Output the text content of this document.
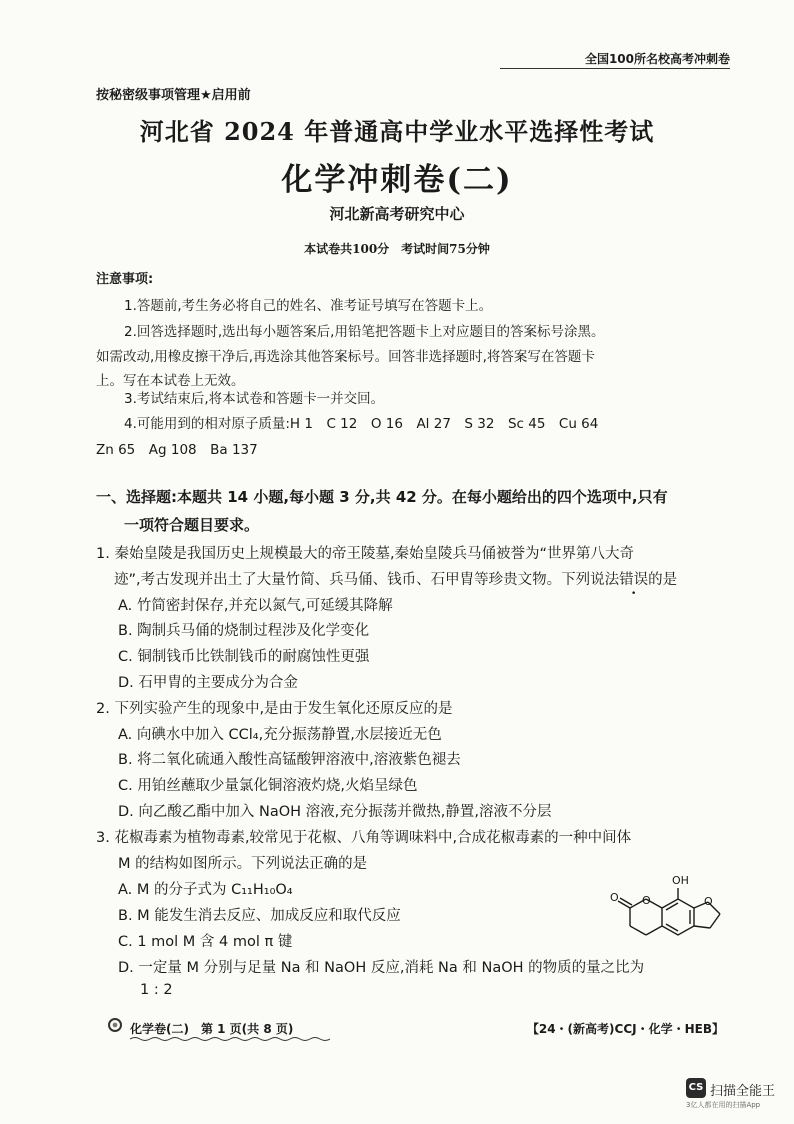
全国100所名校高考冲刺卷
按秘密级事项管理★启用前
河北省 2024 年普通高中学业水平选择性考试
化学冲刺卷(二)
河北新高考研究中心
本试卷共100分　考试时间75分钟
注意事项:
1.答题前,考生务必将自己的姓名、准考证号填写在答题卡上。
2.回答选择题时,选出每小题答案后,用铅笔把答题卡上对应题目的答案标号涂黑。
如需改动,用橡皮擦干净后,再选涂其他答案标号。回答非选择题时,将答案写在答题卡
上。写在本试卷上无效。
3.考试结束后,将本试卷和答题卡一并交回。
4.可能用到的相对原子质量:H 1　C 12　O 16　Al 27　S 32　Sc 45　Cu 64
Zn 65　Ag 108　Ba 137
一、选择题:本题共 14 小题,每小题 3 分,共 42 分。在每小题给出的四个选项中,只有
一项符合题目要求。
1. 秦始皇陵是我国历史上规模最大的帝王陵墓,秦始皇陵兵马俑被誉为“世界第八大奇
迹”,考古发现并出土了大量竹简、兵马俑、钱币、石甲胄等珍贵文物。下列说法错误的是
A. 竹简密封保存,并充以氮气,可延缓其降解
B. 陶制兵马俑的烧制过程涉及化学变化
C. 铜制钱币比铁制钱币的耐腐蚀性更强
D. 石甲胄的主要成分为合金
2. 下列实验产生的现象中,是由于发生氧化还原反应的是
A. 向碘水中加入 CCl₄,充分振荡静置,水层接近无色
B. 将二氧化硫通入酸性高锰酸钾溶液中,溶液紫色褪去
C. 用铂丝蘸取少量氯化铜溶液灼烧,火焰呈绿色
D. 向乙酸乙酯中加入 NaOH 溶液,充分振荡并微热,静置,溶液不分层
3. 花椒毒素为植物毒素,较常见于花椒、八角等调味料中,合成花椒毒素的一种中间体
M 的结构如图所示。下列说法正确的是
A. M 的分子式为 C₁₁H₁₀O₄
B. M 能发生消去反应、加成反应和取代反应
C. 1 mol M 含 4 mol π 键
D. 一定量 M 分别与足量 Na 和 NaOH 反应,消耗 Na 和 NaOH 的物质的量之比为
1 : 2
OH
O O	O
化学卷(二)　第 1 页(共 8 页)	【24・(新高考)CCJ・化学・HEB】
CS 扫描全能王
3亿人都在用的扫描App
